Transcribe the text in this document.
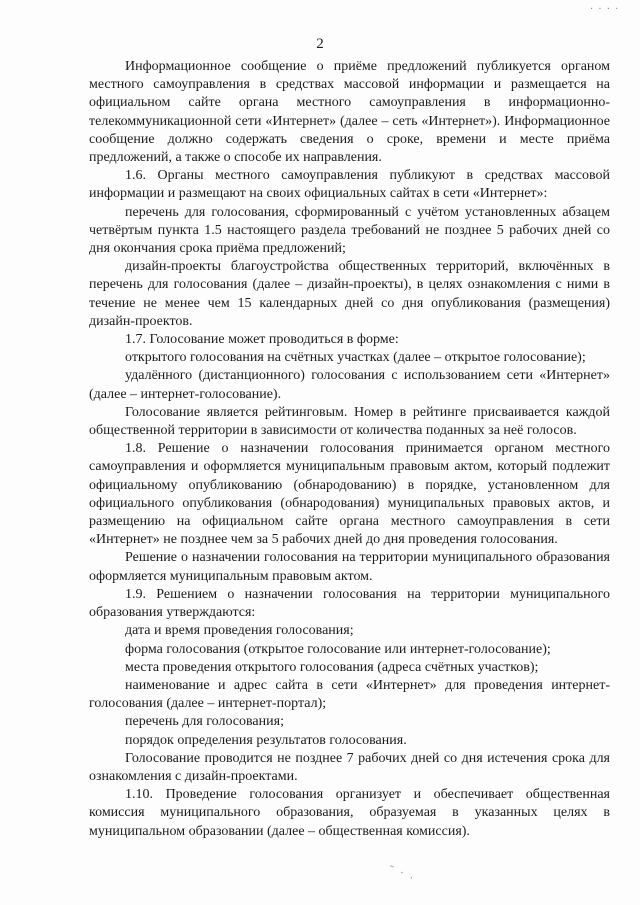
· · · ·
2

Информационное сообщение о приёме предложений публикуется органом местного самоуправления в средствах массовой информации и размещается на официальном сайте органа местного самоуправления в информационно-телекоммуникационной сети «Интернет» (далее – сеть «Интернет»). Информационное сообщение должно содержать сведения о сроке, времени и месте приёма предложений, а также о способе их направления.

1.6. Органы местного самоуправления публикуют в средствах массовой информации и размещают на своих официальных сайтах в сети «Интернет»:

перечень для голосования, сформированный с учётом установленных абзацем четвёртым пункта 1.5 настоящего раздела требований не позднее 5 рабочих дней со дня окончания срока приёма предложений;

дизайн-проекты благоустройства общественных территорий, включённых в перечень для голосования (далее – дизайн-проекты), в целях ознакомления с ними в течение не менее чем 15 календарных дней со дня опубликования (размещения) дизайн-проектов.

1.7. Голосование может проводиться в форме:

открытого голосования на счётных участках (далее – открытое голосование);

удалённого (дистанционного) голосования с использованием сети «Интернет» (далее – интернет-голосование).

Голосование является рейтинговым. Номер в рейтинге присваивается каждой общественной территории в зависимости от количества поданных за неё голосов.

1.8. Решение о назначении голосования принимается органом местного самоуправления и оформляется муниципальным правовым актом, который подлежит официальному опубликованию (обнародованию) в порядке, установленном для официального опубликования (обнародования) муниципальных правовых актов, и размещению на официальном сайте органа местного самоуправления в сети «Интернет» не позднее чем за 5 рабочих дней до дня проведения голосования.

Решение о назначении голосования на территории муниципального образования оформляется муниципальным правовым актом.

1.9. Решением о назначении голосования на территории муниципального образования утверждаются:

дата и время проведения голосования;

форма голосования (открытое голосование или интернет-голосование);

места проведения открытого голосования (адреса счётных участков);

наименование и адрес сайта в сети «Интернет» для проведения интернет-голосования (далее – интернет-портал);

перечень для голосования;

порядок определения результатов голосования.

Голосование проводится не позднее 7 рабочих дней со дня истечения срока для ознакомления с дизайн-проектами.

1.10. Проведение голосования организует и обеспечивает общественная комиссия муниципального образования, образуемая в указанных целях в муниципальном образовании (далее – общественная комиссия).

˜ · .
